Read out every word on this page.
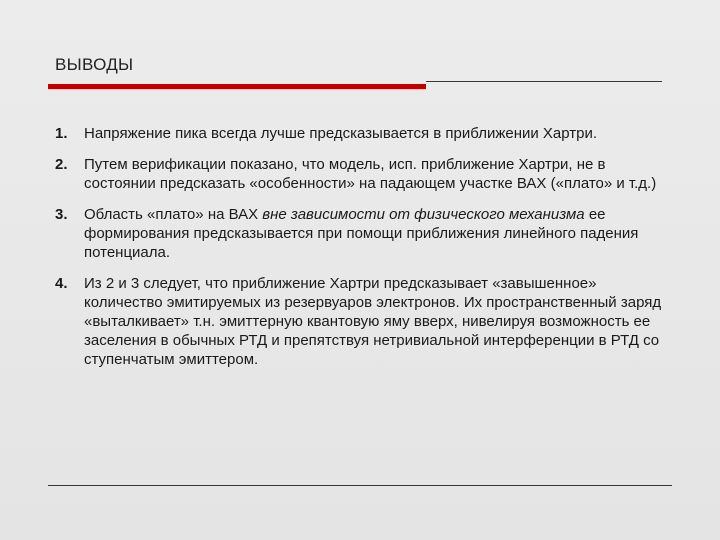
ВЫВОДЫ
1. Напряжение пика всегда лучше предсказывается в приближении Хартри.
2. Путем верификации показано, что модель, исп. приближение Хартри, не в состоянии предсказать «особенности» на падающем участке ВАХ («плато» и т.д.)
3. Область «плато» на ВАХ вне зависимости от физического механизма ее формирования предсказывается при помощи приближения линейного падения потенциала.
4. Из 2 и 3 следует, что приближение Хартри предсказывает «завышенное» количество эмитируемых из резервуаров электронов. Их пространственный заряд «выталкивает» т.н. эмиттерную квантовую яму вверх, нивелируя возможность ее заселения в обычных РТД и препятствуя нетривиальной интерференции в РТД со ступенчатым эмиттером.
